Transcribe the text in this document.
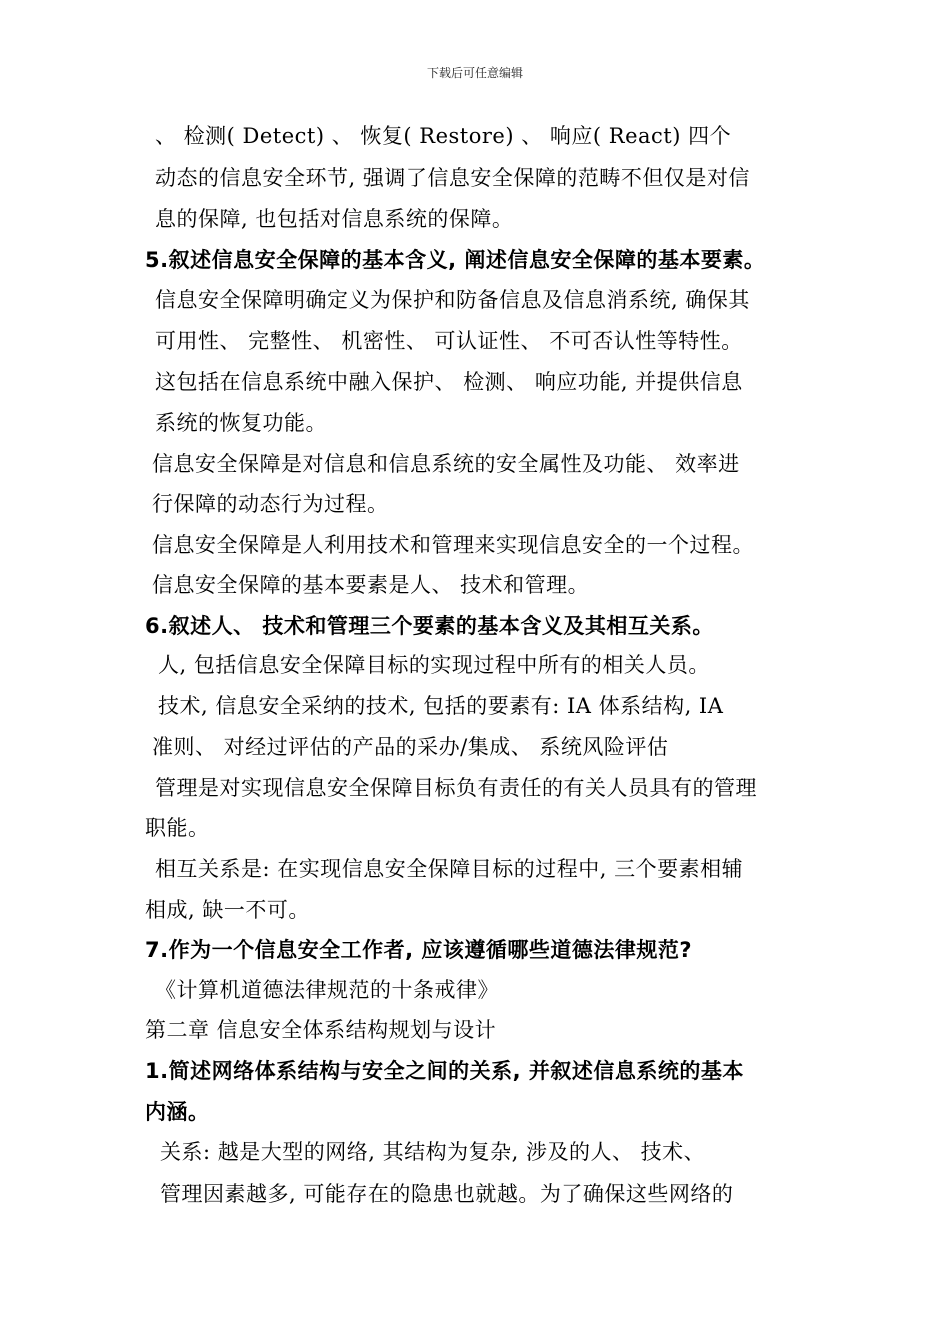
下载后可任意编辑
、 检测( Detect) 、 恢复( Restore) 、 响应( React) 四个
动态的信息安全环节, 强调了信息安全保障的范畴不但仅是对信
息的保障, 也包括对信息系统的保障。
5.叙述信息安全保障的基本含义, 阐述信息安全保障的基本要素。
信息安全保障明确定义为保护和防备信息及信息消系统, 确保其
可用性、 完整性、 机密性、 可认证性、 不可否认性等特性。
这包括在信息系统中融入保护、 检测、 响应功能, 并提供信息
系统的恢复功能。
信息安全保障是对信息和信息系统的安全属性及功能、 效率进
行保障的动态行为过程。
信息安全保障是人利用技术和管理来实现信息安全的一个过程。
信息安全保障的基本要素是人、 技术和管理。
6.叙述人、 技术和管理三个要素的基本含义及其相互关系。
人, 包括信息安全保障目标的实现过程中所有的相关人员。
技术, 信息安全采纳的技术, 包括的要素有: IA 体系结构, IA
准则、 对经过评估的产品的采办/集成、 系统风险评估
管理是对实现信息安全保障目标负有责任的有关人员具有的管理
职能。
相互关系是: 在实现信息安全保障目标的过程中, 三个要素相辅
相成, 缺一不可。
7.作为一个信息安全工作者, 应该遵循哪些道德法律规范?
《计算机道德法律规范的十条戒律》
第二章 信息安全体系结构规划与设计
1.简述网络体系结构与安全之间的关系, 并叙述信息系统的基本
内涵。
关系: 越是大型的网络, 其结构为复杂, 涉及的人、 技术、
管理因素越多, 可能存在的隐患也就越。为了确保这些网络的
